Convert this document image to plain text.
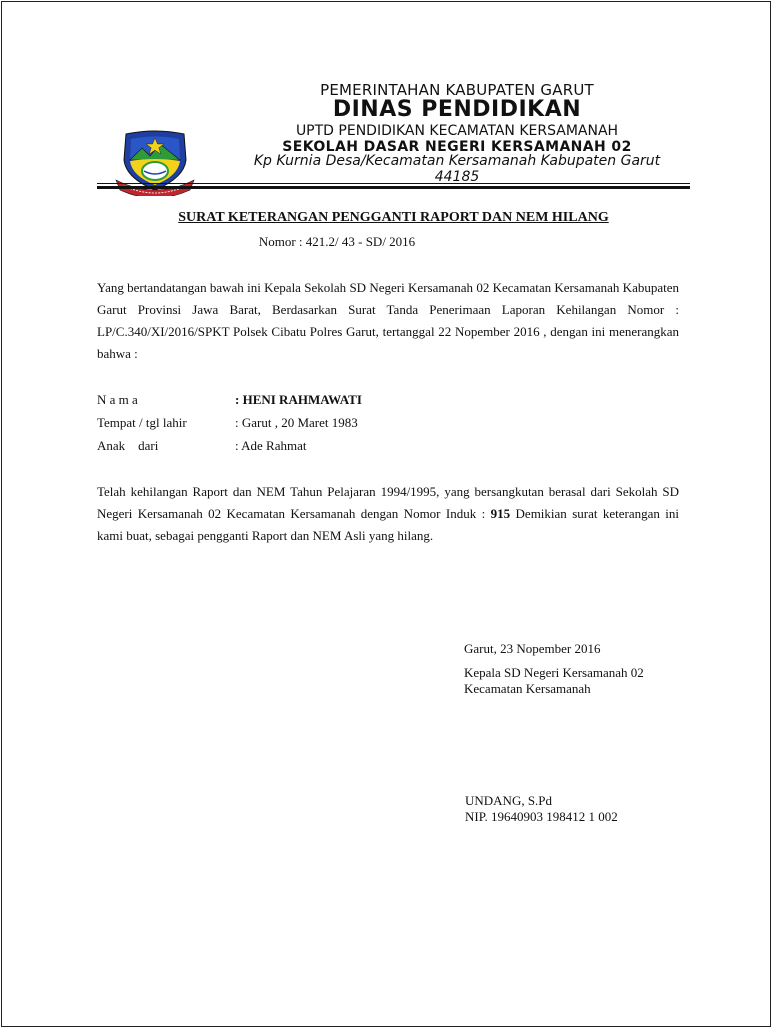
PEMERINTAHAN KABUPATEN GARUT
DINAS PENDIDIKAN
UPTD PENDIDIKAN KECAMATAN KERSAMANAH
SEKOLAH DASAR NEGERI KERSAMANAH 02
Kp Kurnia Desa/Kecamatan Kersamanah Kabupaten Garut
44185
SURAT KETERANGAN PENGGANTI RAPORT DAN NEM HILANG
Nomor : 421.2/ 43 - SD/ 2016
Yang bertandatangan bawah ini Kepala Sekolah SD Negeri Kersamanah 02 Kecamatan Kersamanah Kabupaten Garut Provinsi Jawa Barat, Berdasarkan Surat Tanda Penerimaan Laporan Kehilangan Nomor : LP/C.340/XI/2016/SPKT Polsek Cibatu Polres Garut, tertanggal 22 Nopember 2016 , dengan ini menerangkan bahwa :
N a m a	: HENI RAHMAWATI
Tempat / tgl lahir	: Garut , 20 Maret 1983
Anak    dari	: Ade Rahmat
Telah kehilangan Raport dan NEM Tahun Pelajaran 1994/1995, yang bersangkutan berasal dari Sekolah SD Negeri Kersamanah 02 Kecamatan Kersamanah dengan Nomor Induk : 915 Demikian surat keterangan ini kami buat, sebagai pengganti Raport dan NEM Asli yang hilang.
Garut, 23 Nopember 2016
Kepala SD Negeri Kersamanah 02
Kecamatan Kersamanah
UNDANG, S.Pd
NIP. 19640903 198412 1 002
